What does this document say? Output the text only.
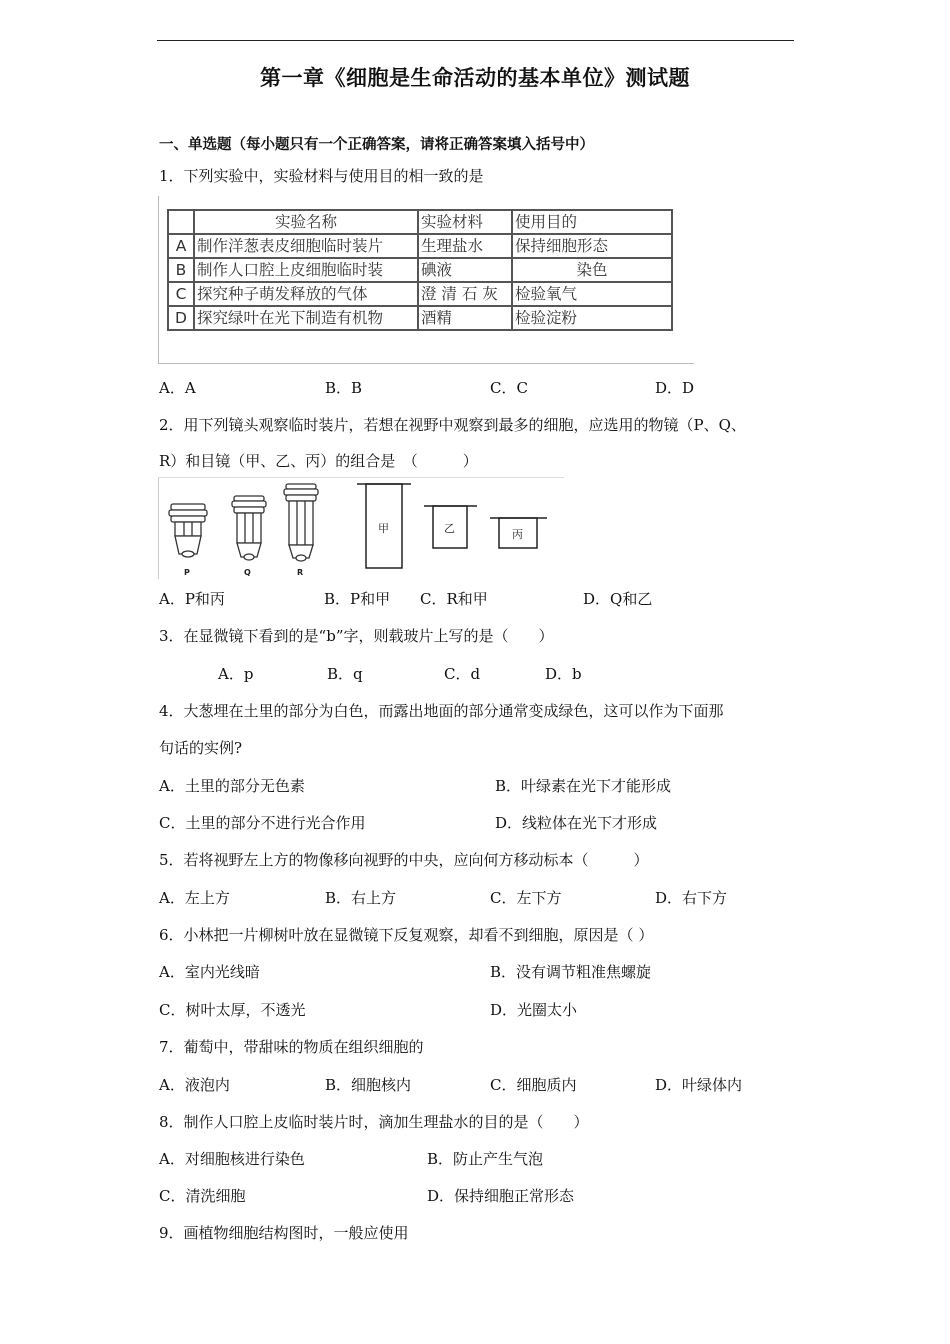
第一章《细胞是生命活动的基本单位》测试题
一、单选题（每小题只有一个正确答案，请将正确答案填入括号中）
1．下列实验中，实验材料与使用目的相一致的是
	实验名称	实验材料	使用目的
A	制作洋葱表皮细胞临时装片	生理盐水	保持细胞形态
B	制作人口腔上皮细胞临时装	碘液	染色
C	探究种子萌发释放的气体	澄 清 石 灰	检验氧气
D	探究绿叶在光下制造有机物	酒精	检验淀粉
A．A	B．B	C．C	D．D
2．用下列镜头观察临时装片，若想在视野中观察到最多的细胞，应选用的物镜（P、Q、
R）和目镜（甲、乙、丙）的组合是　（　　　）
P	Q	R
甲	乙	丙
A．P和丙	B．P和甲 C．R和甲	D．Q和乙
3．在显微镜下看到的是“b”字，则载玻片上写的是（　　）
A．p	B．q	C．d	D．b
4．大葱埋在土里的部分为白色，而露出地面的部分通常变成绿色，这可以作为下面那
句话的实例?
A．土里的部分无色素	B．叶绿素在光下才能形成
C．土里的部分不进行光合作用	D．线粒体在光下才形成
5．若将视野左上方的物像移向视野的中央，应向何方移动标本（　　　）
A．左上方	B．右上方	C．左下方	D．右下方
6．小林把一片柳树叶放在显微镜下反复观察，却看不到细胞，原因是（ ）
A．室内光线暗	B．没有调节粗准焦螺旋
C．树叶太厚，不透光	D．光圈太小
7．葡萄中，带甜味的物质在组织细胞的
A．液泡内	B．细胞核内	C．细胞质内	D．叶绿体内
8．制作人口腔上皮临时装片时，滴加生理盐水的目的是（　　）
A．对细胞核进行染色	B．防止产生气泡
C．清洗细胞	D．保持细胞正常形态
9．画植物细胞结构图时，一般应使用
